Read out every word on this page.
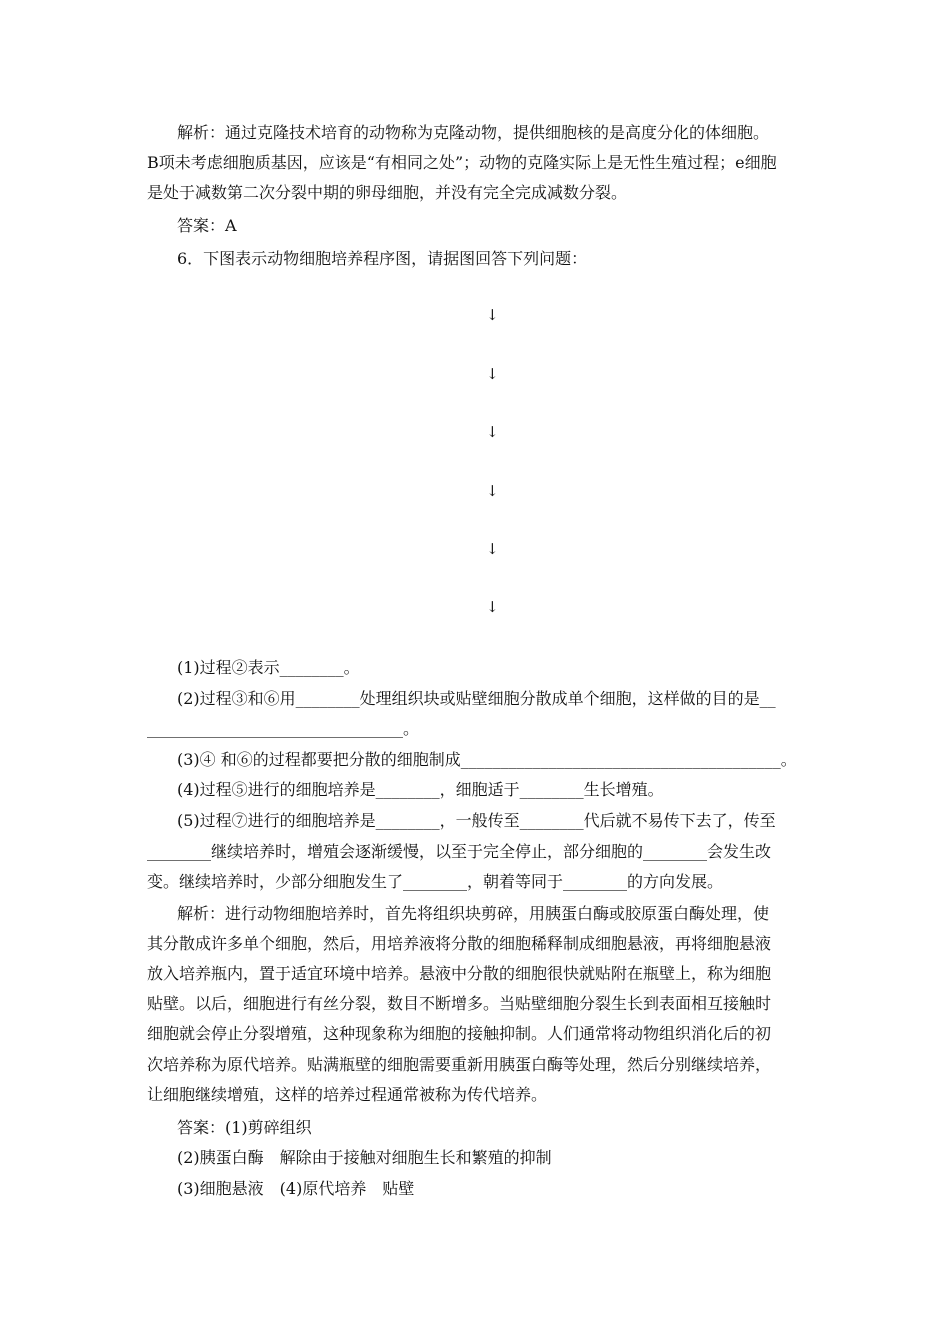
解析：通过克隆技术培育的动物称为克隆动物，提供细胞核的是高度分化的体细胞。
B项未考虑细胞质基因，应该是“有相同之处”；动物的克隆实际上是无性生殖过程；e细胞
是处于减数第二次分裂中期的卵母细胞，并没有完全完成减数分裂。
答案：A
6．下图表示动物细胞培养程序图，请据图回答下列问题：
↓
↓
↓
↓
↓
↓
(1)过程②表示________。
(2)过程③和⑥用________处理组织块或贴壁细胞分散成单个细胞，这样做的目的是__
________________________________。
(3)④ 和⑥的过程都要把分散的细胞制成________________________________________。
(4)过程⑤进行的细胞培养是________，细胞适于________生长增殖。
(5)过程⑦进行的细胞培养是________，一般传至________代后就不易传下去了，传至
________继续培养时，增殖会逐渐缓慢，以至于完全停止，部分细胞的________会发生改
变。继续培养时，少部分细胞发生了________，朝着等同于________的方向发展。
解析：进行动物细胞培养时，首先将组织块剪碎，用胰蛋白酶或胶原蛋白酶处理，使
其分散成许多单个细胞，然后，用培养液将分散的细胞稀释制成细胞悬液，再将细胞悬液
放入培养瓶内，置于适宜环境中培养。悬液中分散的细胞很快就贴附在瓶壁上，称为细胞
贴壁。以后，细胞进行有丝分裂，数目不断增多。当贴壁细胞分裂生长到表面相互接触时
细胞就会停止分裂增殖，这种现象称为细胞的接触抑制。人们通常将动物组织消化后的初
次培养称为原代培养。贴满瓶壁的细胞需要重新用胰蛋白酶等处理，然后分别继续培养，
让细胞继续增殖，这样的培养过程通常被称为传代培养。
答案：(1)剪碎组织
(2)胰蛋白酶　解除由于接触对细胞生长和繁殖的抑制
(3)细胞悬液　(4)原代培养　贴壁
